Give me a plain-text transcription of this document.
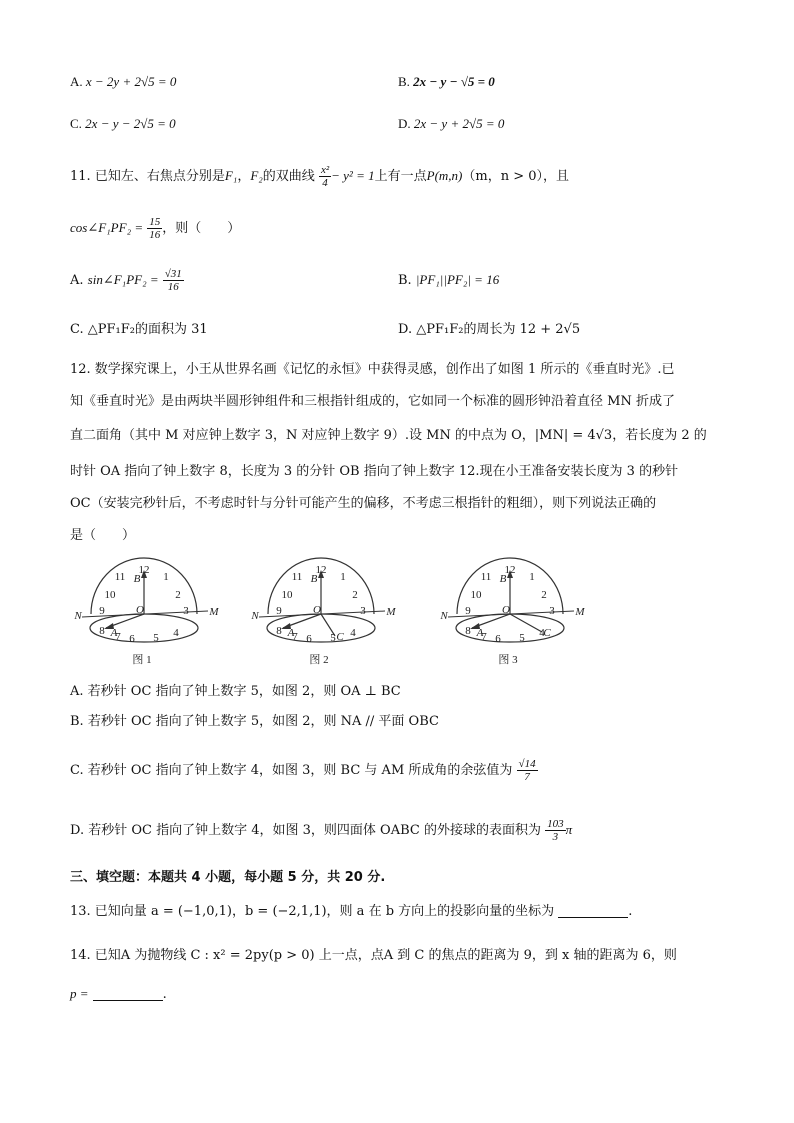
A. x − 2y + 2√5 = 0	B. 2x − y − √5 = 0
C. 2x − y − 2√5 = 0	D. 2x − y + 2√5 = 0
11. 已知左、右焦点分别是F₁，F₂的双曲线 $\frac{\text{x²}}{4} - y^2 = 1$上有一点P(m,n)（m，n > 0），且
cos∠F₁PF₂ = $\frac{15}{16}$ ，则（　　）
A. sin∠F₁PF₂ = $\frac{√31}{16}$	B. |PF₁||PF₂| = 16
C. △PF₁F₂的面积为 31	D. △PF₁F₂的周长为 12 + 2√5
12. 数学探究课上，小王从世界名画《记忆的永恒》中获得灵感，创作出了如图 1 所示的《垂直时光》.已
知《垂直时光》是由两块半圆形钟组件和三根指针组成的，它如同一个标准的圆形钟沿着直径 MN 折成了
直二面角（其中 M 对应钟上数字 3，N 对应钟上数字 9）.设 MN 的中点为 O，|MN| = 4√3，若长度为 2 的
时针 OA 指向了钟上数字 8，长度为 3 的分针 OB 指向了钟上数字 12.现在小王准备安装长度为 3 的秒针
OC（安装完秒针后，不考虑时针与分针可能产生的偏移，不考虑三根指针的粗细），则下列说法正确的
是（　　）
12
1
2
3
11
10
9
8 7 6 5 4
N	M
O
B
A
图 1
C
12
1
2
3
11
10
9
8 7 6 5 4
N	M
O
B
A
图 2
C
12
1
2
3
11
10
9
8 7 6 5 4
N	M
O
B
A
图 3
A. 若秒针 OC 指向了钟上数字 5，如图 2，则 OA ⊥ BC
B. 若秒针 OC 指向了钟上数字 5，如图 2，则 NA // 平面 OBC
C. 若秒针 OC 指向了钟上数字 4，如图 3，则 BC 与 AM 所成角的余弦值为 $\frac{√14}{7}$
D. 若秒针 OC 指向了钟上数字 4，如图 3，则四面体 OABC 的外接球的表面积为 $\frac{103}{3}$ π
三、填空题：本题共 4 小题，每小题 5 分，共 20 分.
13. 已知向量 a = (−1,0,1)，b = (−2,1,1)，则 a 在 b 方向上的投影向量的坐标为	.
14. 已知A 为抛物线 C : x² = 2py(p > 0) 上一点，点A 到 C 的焦点的距离为 9，到 x 轴的距离为 6，则
p =	.
